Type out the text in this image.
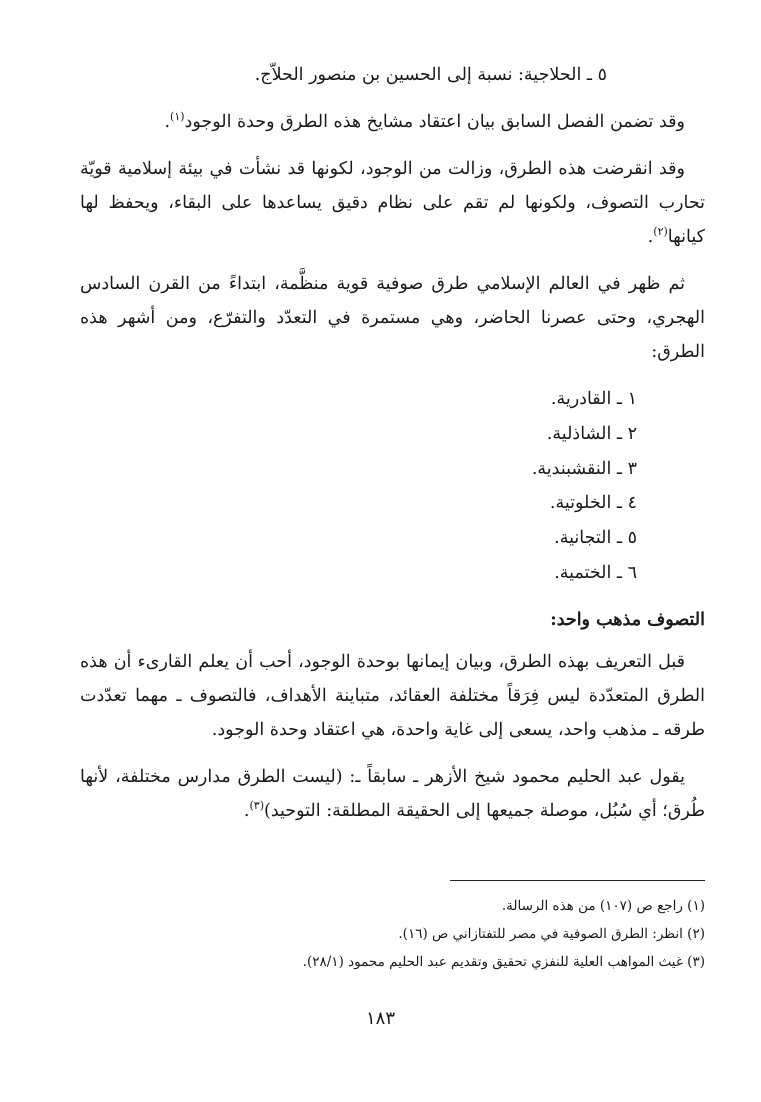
٥ ـ الحلاجية: نسبة إلى الحسين بن منصور الحلاّج.

وقد تضمن الفصل السابق بيان اعتقاد مشايخ هذه الطرق وحدة الوجود$^{(١)}$.

وقد انقرضت هذه الطرق، وزالت من الوجود، لكونها قد نشأت في بيئة إسلامية قويّة تحارب التصوف، ولكونها لم تقم على نظام دقيق يساعدها على البقاء، ويحفظ لها كيانها$^{(٢)}$.

ثم ظهر في العالم الإسلامي طرق صوفية قوية منظَّمة، ابتداءً من القرن السادس الهجري، وحتى عصرنا الحاضر، وهي مستمرة في التعدّد والتفرّع، ومن أشهر هذه الطرق:

١ ـ القادرية.
٢ ـ الشاذلية.
٣ ـ النقشبندية.
٤ ـ الخلوتية.
٥ ـ التجانية.
٦ ـ الختمية.
التصوف مذهب واحد:

قبل التعريف بهذه الطرق، وبيان إيمانها بوحدة الوجود، أحب أن يعلم القارىء أن هذه الطرق المتعدّدة ليس فِرَقاً مختلفة العقائد، متباينة الأهداف، فالتصوف ـ مهما تعدّدت طرقه ـ مذهب واحد، يسعى إلى غاية واحدة، هي اعتقاد وحدة الوجود.

يقول عبد الحليم محمود شيخ الأزهر ـ سابقاً ـ: (ليست الطرق مدارس مختلفة، لأنها طُرق؛ أي سُبُل، موصلة جميعها إلى الحقيقة المطلقة: التوحيد)$^{(٣)}$.

(١) راجع ص (١٠٧) من هذه الرسالة.
(٢) انظر: الطرق الصوفية في مصر للتفتازاني ص (١٦).
(٣) غيث المواهب العلية للنفزي تحقيق وتقديم عبد الحليم محمود (٢٨/١).
١٨٣
